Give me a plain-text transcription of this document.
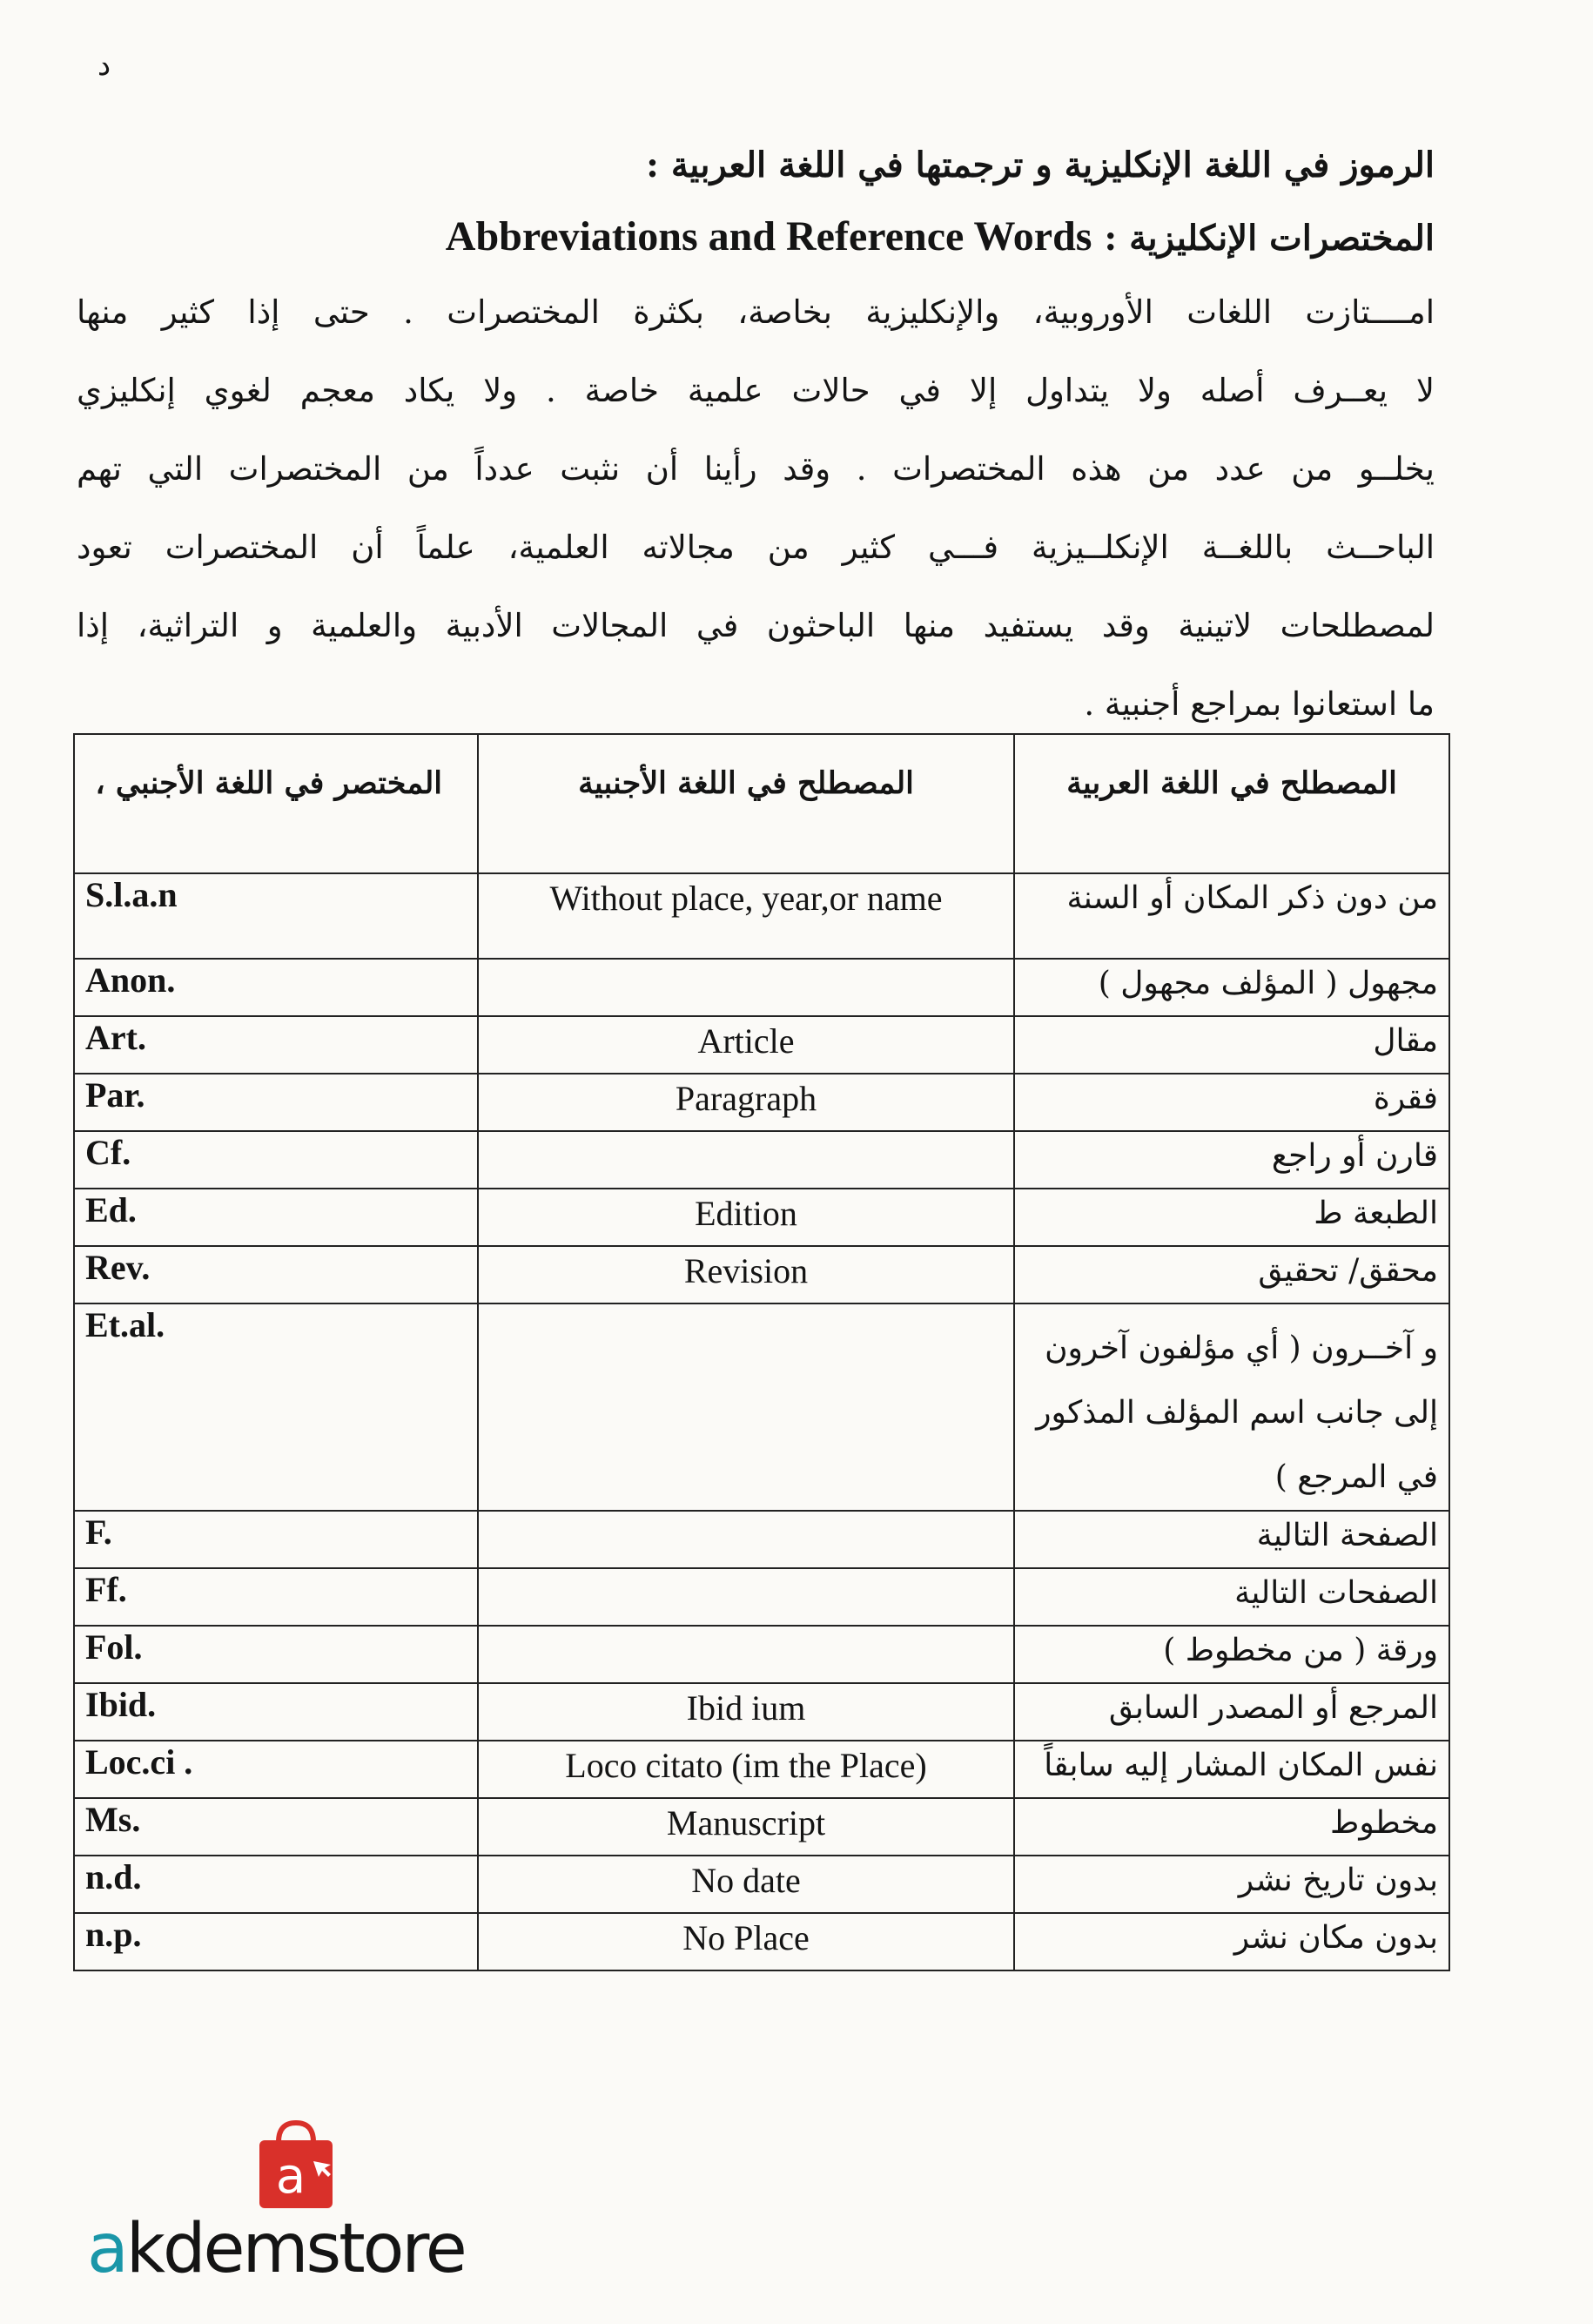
د
الرموز في اللغة الإنكليزية و ترجمتها في اللغة العربية :
المختصرات الإنكليزية : Abbreviations and Reference Words

امــــتازت اللغات الأوروبية، والإنكليزية بخاصة، بكثرة المختصرات . حتى إذا كثير منها

لا يعــرف أصله ولا يتداول إلا في حالات علمية خاصة . ولا يكاد معجم لغوي إنكليزي

يخلــو من عدد من هذه المختصرات . وقد رأينا أن نثبت عدداً من المختصرات التي تهم

الباحــث باللغــة الإنكلــيزية فـــي كثير من مجالاته العلمية، علماً أن المختصرات تعود

لمصطلحات لاتينية وقد يستفيد منها الباحثون في المجالات الأدبية والعلمية و التراثية، إذا

ما استعانوا بمراجع أجنبية .

المختصر في اللغة الأجنبي ،	المصطلح في اللغة الأجنبية	المصطلح في اللغة العربية
S.l.a.n	Without place, year,or name	من دون ذكر المكان أو السنة
Anon.		مجهول ( المؤلف مجهول )
Art.	Article	مقال
Par.	Paragraph	فقرة
Cf.		قارن أو راجع
Ed.	Edition	الطبعة ط
Rev.	Revision	محقق/ تحقيق
Et.al.		و آخــرون ( أي مؤلفون آخرون إلى جانب اسم المؤلف المذكور في المرجع )
F.		الصفحة التالية
Ff.		الصفحات التالية
Fol.		ورقة ( من مخطوط )
Ibid.	Ibid ium	المرجع أو المصدر السابق
Loc.ci .	Loco citato (im the Place)	نفس المكان المشار إليه سابقاً
Ms.	Manuscript	مخطوط
n.d.	No date	بدون تاريخ نشر
n.p.	No Place	بدون مكان نشر
a
akdemstore
